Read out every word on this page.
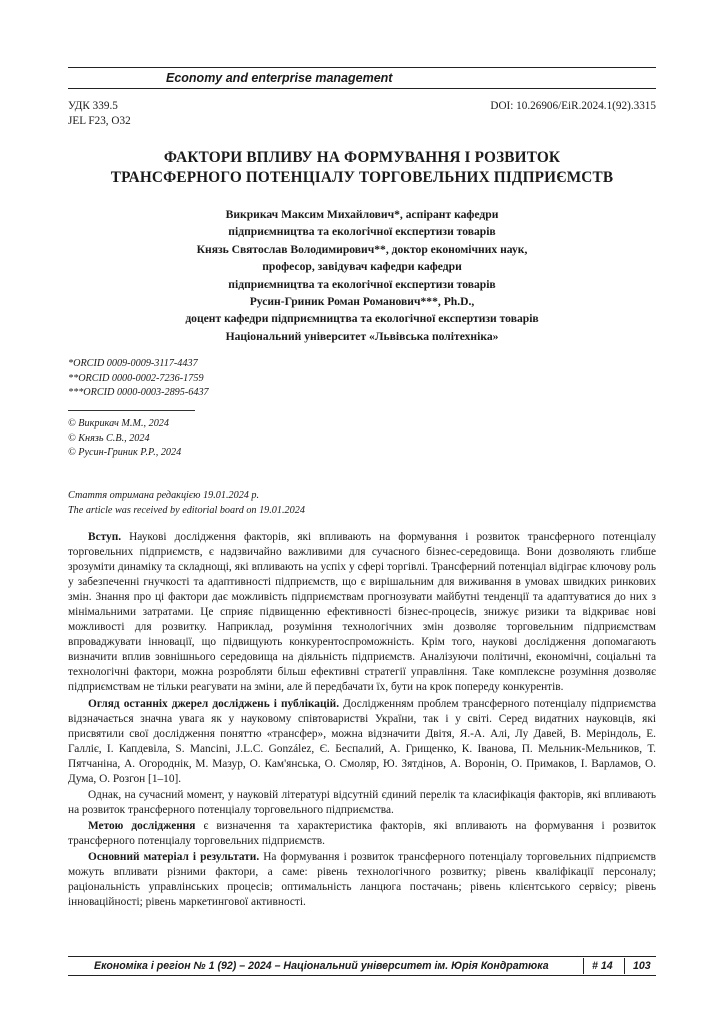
Economy and enterprise management
УДК 339.5
JEL F23, O32
DOI: 10.26906/EiR.2024.1(92).3315
ФАКТОРИ ВПЛИВУ НА ФОРМУВАННЯ І РОЗВИТОК
ТРАНСФЕРНОГО ПОТЕНЦІАЛУ ТОРГОВЕЛЬНИХ ПІДПРИЄМСТВ
Викрикач Максим Михайлович*, аспірант кафедри
підприємництва та екологічної експертизи товарів
Князь Святослав Володимирович**, доктор економічних наук,
професор, завідувач кафедри кафедри
підприємництва та екологічної експертизи товарів
Русин-Гриник Роман Романович***, Ph.D.,
доцент кафедри підприємництва та екологічної експертизи товарів
Національний університет «Львівська політехніка»
*ORCID 0009-0009-3117-4437
**ORCID 0000-0002-7236-1759
***ORCID 0000-0003-2895-6437
© Викрикач М.М., 2024
© Князь С.В., 2024
© Русин-Гриник Р.Р., 2024
Стаття отримана редакцією 19.01.2024 р.
The article was received by editorial board on 19.01.2024

Вступ. Наукові дослідження факторів, які впливають на формування і розвиток трансферного потенціалу торговельних підприємств, є надзвичайно важливими для сучасного бізнес-середовища. Вони дозволяють глибше зрозуміти динаміку та складнощі, які впливають на успіх у сфері торгівлі. Трансферний потенціал відіграє ключову роль у забезпеченні гнучкості та адаптивності підприємств, що є вирішальним для виживання в умовах швидких ринкових змін. Знання про ці фактори дає можливість підприємствам прогнозувати майбутні тенденції та адаптуватися до них з мінімальними затратами. Це сприяє підвищенню ефективності бізнес-процесів, знижує ризики та відкриває нові можливості для розвитку. Наприклад, розуміння технологічних змін дозволяє торговельним підприємствам впроваджувати інновації, що підвищують конкурентоспроможність. Крім того, наукові дослідження допомагають визначити вплив зовнішнього середовища на діяльність підприємств. Аналізуючи політичні, економічні, соціальні та технологічні фактори, можна розробляти більш ефективні стратегії управління. Таке комплексне розуміння дозволяє підприємствам не тільки реагувати на зміни, але й передбачати їх, бути на крок попереду конкурентів.

Огляд останніх джерел досліджень і публікацій. Дослідженням проблем трансферного потенціалу підприємства відзначається значна увага як у науковому співтоваристві України, так і у світі. Серед видатних науковців, які присвятили свої дослідження поняттю «трансфер», можна відзначити Двітя, Я.-А. Алі, Лу Давей, В. Меріндоль, Е. Галліє, І. Капдевіла, S. Mancini, J.L.C. González, Є. Беспалий, А. Грищенко, К. Іванова, П. Мельник-Мельников, Т. Пятчаніна, А. Огороднік, М. Мазур, О. Кам'янська, О. Смоляр, Ю. Зятдінов, А. Воронін, О. Примаков, І. Варламов, О. Дума, О. Розгон [1–10].

Однак, на сучасний момент, у науковій літературі відсутній єдиний перелік та класифікація факторів, які впливають на розвиток трансферного потенціалу торговельного підприємства.

Метою дослідження є визначення та характеристика факторів, які впливають на формування і розвиток трансферного потенціалу торговельних підприємств.

Основний матеріал і результати. На формування і розвиток трансферного потенціалу торговельних підприємств можуть впливати різними фактори, а саме: рівень технологічного розвитку; рівень кваліфікації персоналу; раціональність управлінських процесів; оптимальність ланцюга постачань; рівень клієнтського сервісу; рівень інноваційності; рівень маркетингової активності.

Економіка і регіон № 1 (92) – 2024 – Національний університет ім. Юрія Кондратюка	# 14 103
